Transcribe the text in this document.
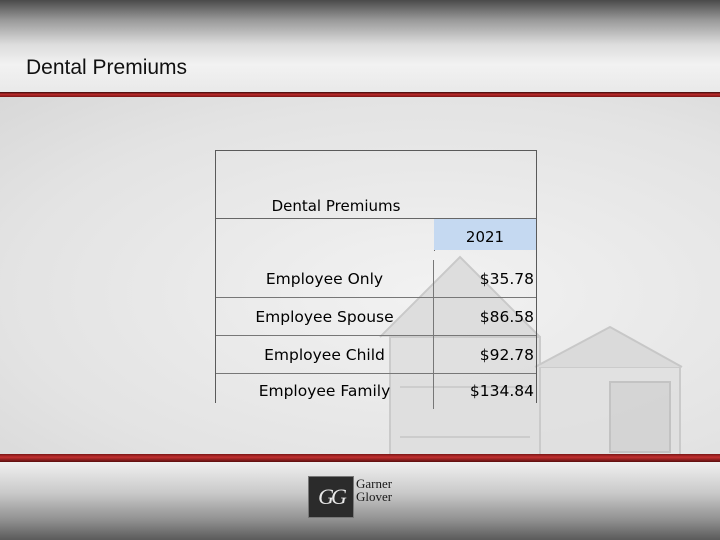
Dental Premiums
Dental Premiums
2021
Employee Only	$35.78
Employee Spouse	$86.58
Employee Child	$92.78
Employee Family	$134.84
GG
Garner
Glover
